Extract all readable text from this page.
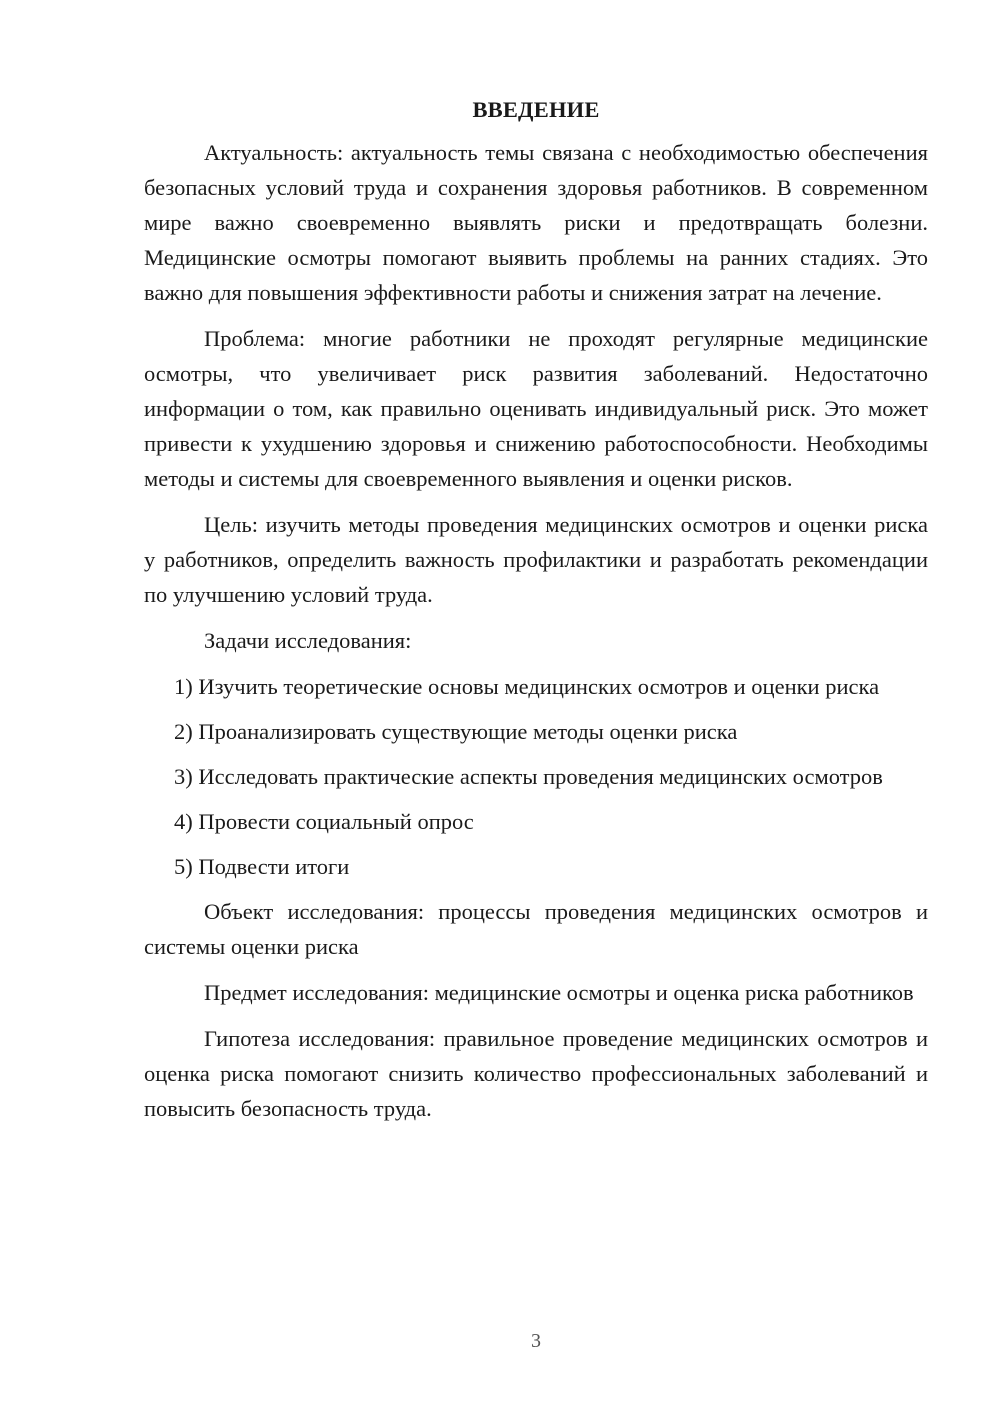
ВВЕДЕНИЕ

Актуальность: актуальность темы связана с необходимостью обеспечения безопасных условий труда и сохранения здоровья работников. В современном мире важно своевременно выявлять риски и предотвращать болезни. Медицинские осмотры помогают выявить проблемы на ранних стадиях. Это важно для повышения эффективности работы и снижения затрат на лечение.

Проблема: многие работники не проходят регулярные медицинские осмотры, что увеличивает риск развития заболеваний. Недостаточно информации о том, как правильно оценивать индивидуальный риск. Это может привести к ухудшению здоровья и снижению работоспособности. Необходимы методы и системы для своевременного выявления и оценки рисков.

Цель: изучить методы проведения медицинских осмотров и оценки риска у работников, определить важность профилактики и разработать рекомендации по улучшению условий труда.

Задачи исследования:

1) Изучить теоретические основы медицинских осмотров и оценки риска

2) Проанализировать существующие методы оценки риска

3) Исследовать практические аспекты проведения медицинских осмотров

4) Провести социальный опрос

5) Подвести итоги

Объект исследования: процессы проведения медицинских осмотров и системы оценки риска

Предмет исследования: медицинские осмотры и оценка риска работников

Гипотеза исследования: правильное проведение медицинских осмотров и оценка риска помогают снизить количество профессиональных заболеваний и повысить безопасность труда.

3
